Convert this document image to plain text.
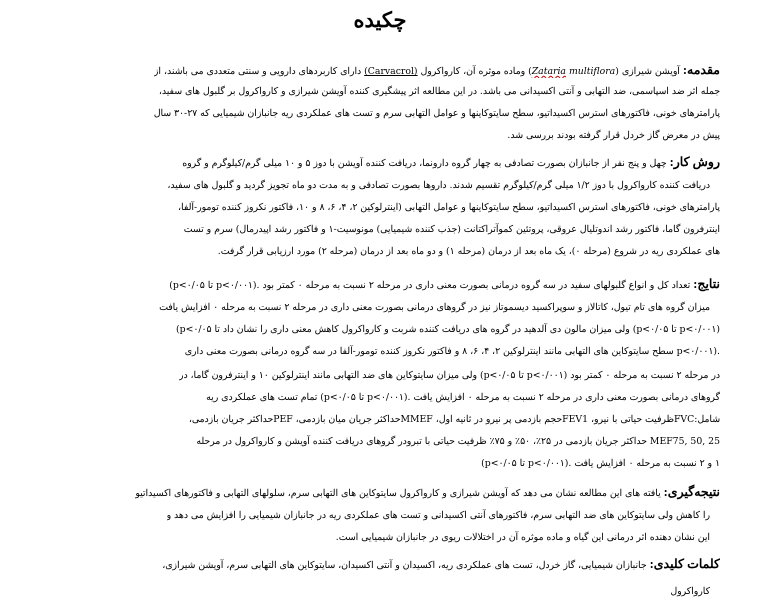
چکیده
مقدمه: آویشن شیرازی (Zataria multiflora) وماده موثره آن، کارواکرول (Carvacrol) دارای کاربردهای دارویی و سنتی متعددی می باشند، از
جمله اثر ضد اسپاسمی، ضد التهابی و آنتی اکسیدانی می باشد. در این مطالعه اثر پیشگیری کننده آویشن شیرازی و کارواکرول بر گلبول های سفید،
پارامترهای خونی، فاکتورهای استرس اکسیداتیو، سطح سایتوکاینها و عوامل التهابی سرم و تست های عملکردی ریه جانبازان شیمیایی که ۲۷-۳۰ سال
پیش در معرض گاز خردل قرار گرفته بودند بررسی شد.
روش کار: چهل و پنج نفر از جانبازان بصورت تصادفی به چهار گروه دارونما، دریافت کننده آویشن با دوز ۵ و ۱۰ میلی گرم/کیلوگرم و گروه
دریافت کننده کارواکرول با دوز ۱/۲ میلی گرم/کیلوگرم تقسیم شدند. داروها بصورت تصادفی و به مدت دو ماه تجویز گردید و گلبول های سفید،
پارامترهای خونی، فاکتورهای استرس اکسیداتیو، سطح سایتوکاینها و عوامل التهابی (اینترلوکین ۲، ۴، ۶، ۸ و ۱۰، فاکتور نکروز کننده تومور-آلفا،
اینترفرون گاما، فاکتور رشد اندوتلیال عروقی، پروتئین کموآتراکتانت (جذب کننده شیمیایی) مونوسیت-۱ و فاکتور رشد اپیدرمال) سرم و تست
های عملکردی ریه در شروع (مرحله ۰)، یک ماه بعد از درمان (مرحله ۱) و دو ماه بعد از درمان (مرحله ۲) مورد ارزیابی قرار گرفت.
نتایج: تعداد کل و انواع گلبولهای سفید در سه گروه درمانی بصورت معنی داری در مرحله ۲ نسبت به مرحله ۰ کمتر بود (p<۰/۰۵ تا p<۰/۰۰۱).
میزان گروه های تام تیول، کاتالاز و سوپراکسید دیسموتاز نیز در گروهای درمانی بصورت معنی داری در مرحله ۲ نسبت به مرحله ۰ افزایش یافت
(p<۰/۰۵ تا p<۰/۰۰۱) ولی میزان مالون دی آلدهید در گروه های دریافت کننده شربت و کارواکرول کاهش معنی داری را نشان داد (p<۰/۰۵ تا
p<۰/۰۰۱). سطح سایتوکاین های التهابی مانند اینترلوکین ۲، ۴، ۶، ۸ و فاکتور نکروز کننده تومور-آلفا در سه گروه درمانی بصورت معنی داری
در مرحله ۲ نسبت به مرحله ۰ کمتر بود (p<۰/۰۵ تا p<۰/۰۰۱) ولی میزان سایتوکاین های ضد التهابی مانند اینترلوکین ۱۰ و اینترفرون گاما، در
گروهای درمانی بصورت معنی داری در مرحله ۲ نسبت به مرحله ۰ افزایش یافت (p<۰/۰۵ تا p<۰/۰۰۱). تمام تست های عملکردی ریه
شامل:FVCظرفیت حیاتی با نیرو، FEV1حجم بازدمی پر نیرو در ثانیه اول، MMEFحداکثر جریان میان بازدمی، PEFحداکثر جریان بازدمی،
MEF75, 50, 25 حداکثر جریان بازدمی در ۲۵٪، ۵۰٪ و ۷۵٪ ظرفیت حیاتی با تبرودر گروهای دریافت کننده آویشن و کارواکرول در مرحله
۱ و ۲ نسبت به مرحله ۰ افزایش یافت (p<۰/۰۵ تا p<۰/۰۰۱).
نتیجه‌گیری: یافته های این مطالعه نشان می دهد که آویشن شیرازی و کارواکرول سایتوکاین های التهابی سرم، سلولهای التهابی و فاکتورهای اکسیداتیو
را کاهش ولی سایتوکاین های ضد التهابی سرم، فاکتورهای آنتی اکسیدانی و تست های عملکردی ریه در جانبازان شیمیایی را افزایش می دهد و
این نشان دهنده اثر درمانی این گیاه و ماده موثره آن در اختلالات ریوی در جانبازان شیمیایی است.
کلمات کلیدی: جانبازان شیمیایی، گاز خردل، تست های عملکردی ریه، اکسیدان و آنتی اکسیدان، سایتوکاین های التهابی سرم، آویشن شیرازی،
کارواکرول
